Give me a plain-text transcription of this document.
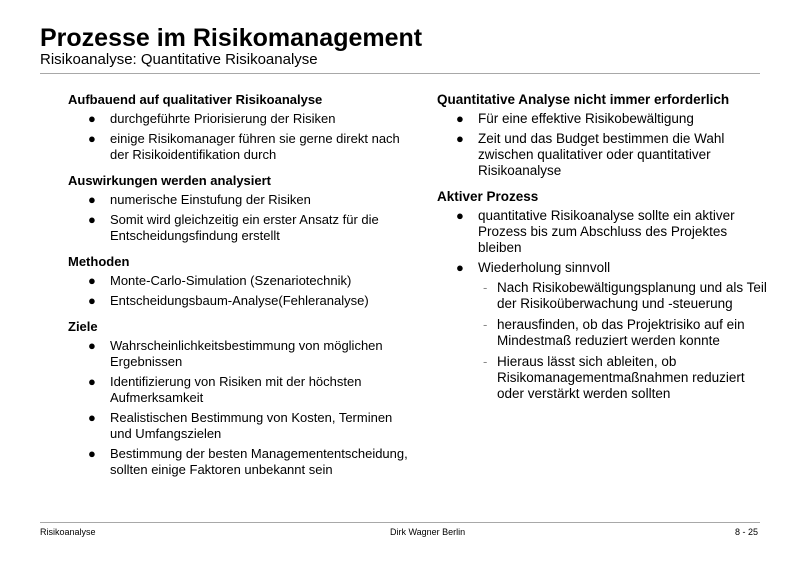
Prozesse im Risikomanagement
Risikoanalyse: Quantitative Risikoanalyse
Aufbauend auf qualitativer Risikoanalyse
● durchgeführte Priorisierung der Risiken
● einige Risikomanager führen sie gerne direkt nach der Risikoidentifikation durch
Auswirkungen werden analysiert
● numerische Einstufung der Risiken
● Somit wird gleichzeitig ein erster Ansatz für die Entscheidungsfindung erstellt
Methoden
● Monte-Carlo-Simulation (Szenariotechnik)
● Entscheidungsbaum-Analyse(Fehleranalyse)
Ziele
● Wahrscheinlichkeitsbestimmung von möglichen Ergebnissen
● Identifizierung von Risiken mit der höchsten Aufmerksamkeit
● Realistischen Bestimmung von Kosten, Terminen und Umfangszielen
● Bestimmung der besten Managemententscheidung, sollten einige Faktoren unbekannt sein
Quantitative Analyse nicht immer erforderlich
● Für eine effektive Risikobewältigung
● Zeit und das Budget bestimmen die Wahl zwischen qualitativer oder quantitativer Risikoanalyse
Aktiver Prozess
● quantitative Risikoanalyse sollte ein aktiver Prozess bis zum Abschluss des Projektes bleiben
● Wiederholung sinnvoll
- Nach Risikobewältigungsplanung und als Teil der Risikoüberwachung und -steuerung
- herausfinden, ob das Projektrisiko auf ein Mindestmaß reduziert werden konnte
- Hieraus lässt sich ableiten, ob Risikomanagementmaßnahmen reduziert oder verstärkt werden sollten
Risikoanalyse	Dirk Wagner Berlin	8 - 25
